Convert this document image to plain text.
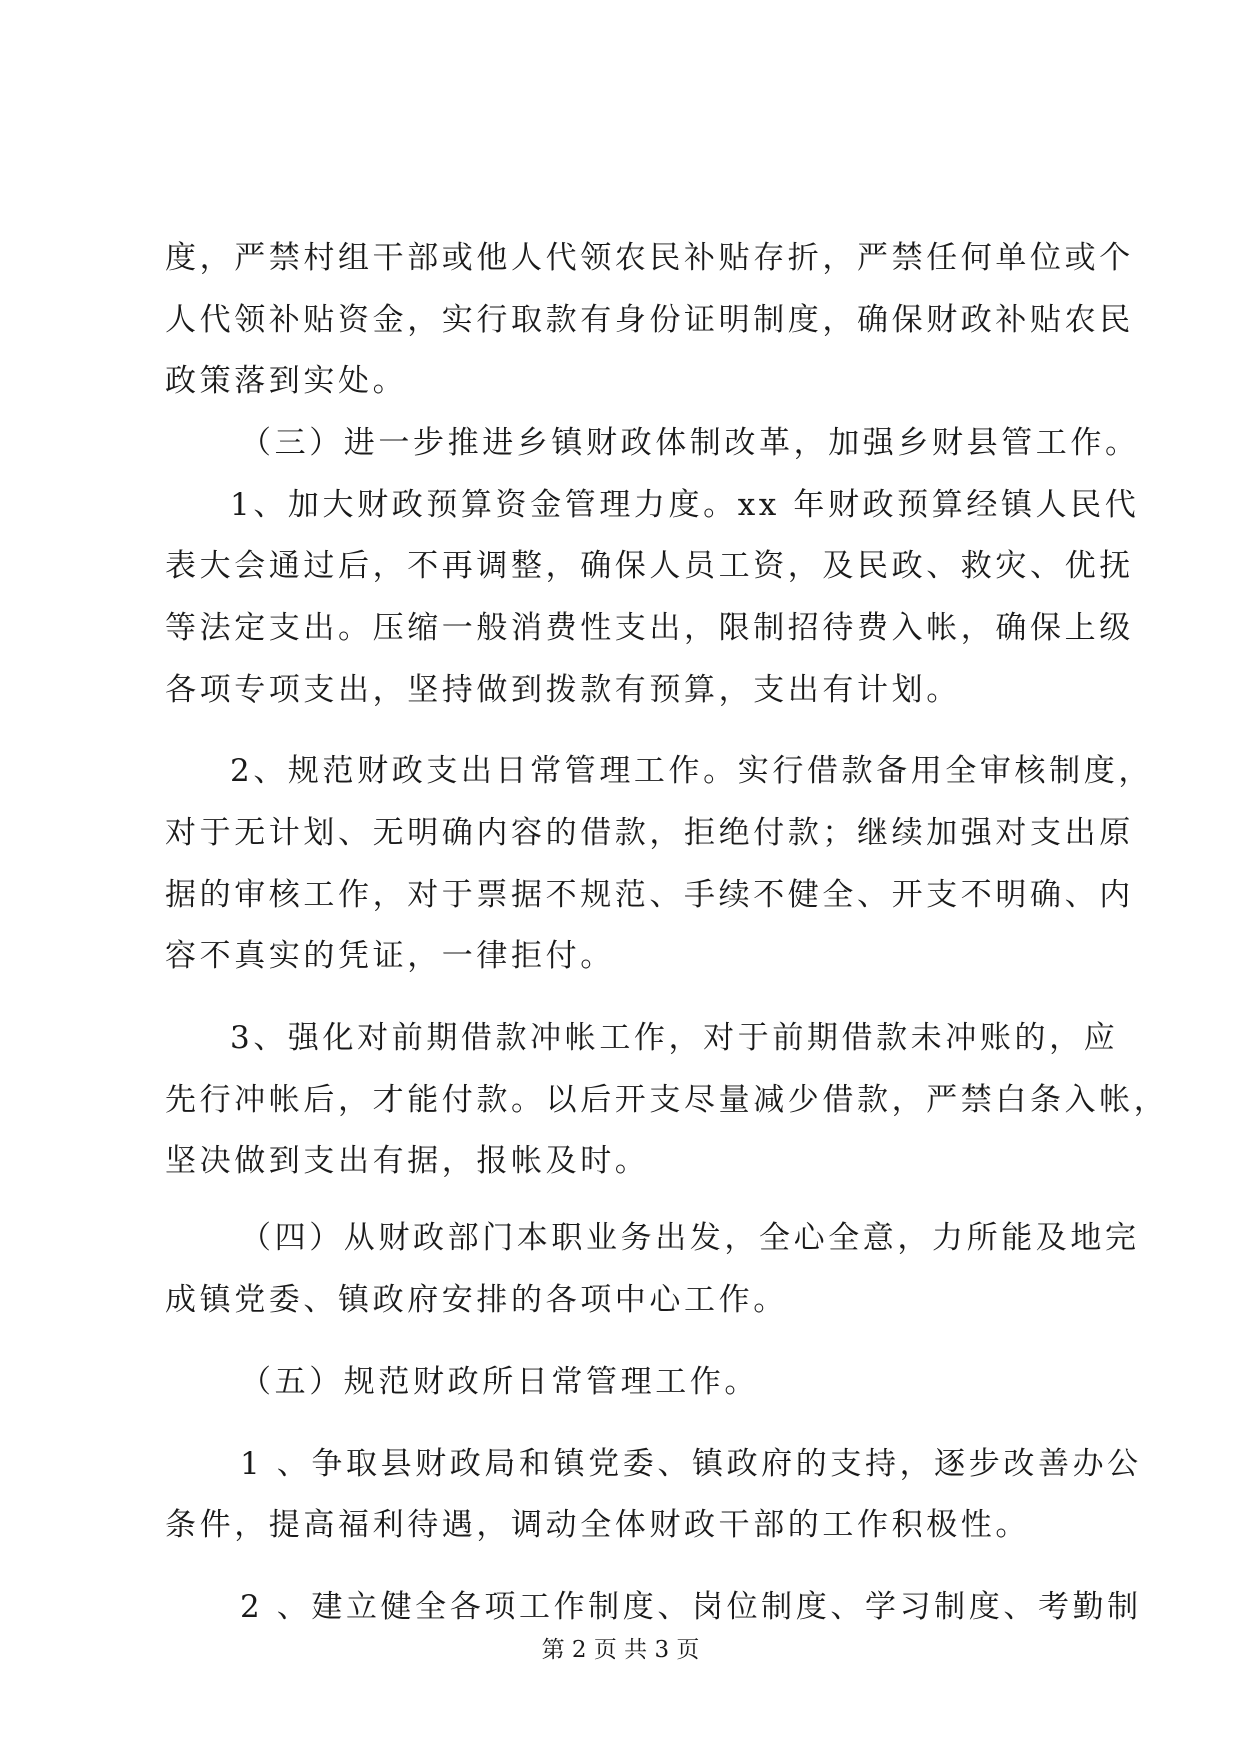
度，严禁村组干部或他人代领农民补贴存折，严禁任何单位或个
人代领补贴资金，实行取款有身份证明制度，确保财政补贴农民
政策落到实处。
（三）进一步推进乡镇财政体制改革，加强乡财县管工作。
1、加大财政预算资金管理力度。xx 年财政预算经镇人民代
表大会通过后，不再调整，确保人员工资，及民政、救灾、优抚
等法定支出。压缩一般消费性支出，限制招待费入帐，确保上级
各项专项支出，坚持做到拨款有预算，支出有计划。
2、规范财政支出日常管理工作。实行借款备用全审核制度，
对于无计划、无明确内容的借款，拒绝付款；继续加强对支出原
据的审核工作，对于票据不规范、手续不健全、开支不明确、内
容不真实的凭证，一律拒付。
3、强化对前期借款冲帐工作，对于前期借款未冲账的，应
先行冲帐后，才能付款。以后开支尽量减少借款，严禁白条入帐，
坚决做到支出有据，报帐及时。
（四）从财政部门本职业务出发，全心全意，力所能及地完
成镇党委、镇政府安排的各项中心工作。
（五）规范财政所日常管理工作。
1 、争取县财政局和镇党委、镇政府的支持，逐步改善办公
条件，提高福利待遇，调动全体财政干部的工作积极性。
2 、建立健全各项工作制度、岗位制度、学习制度、考勤制
第 2 页 共 3 页
